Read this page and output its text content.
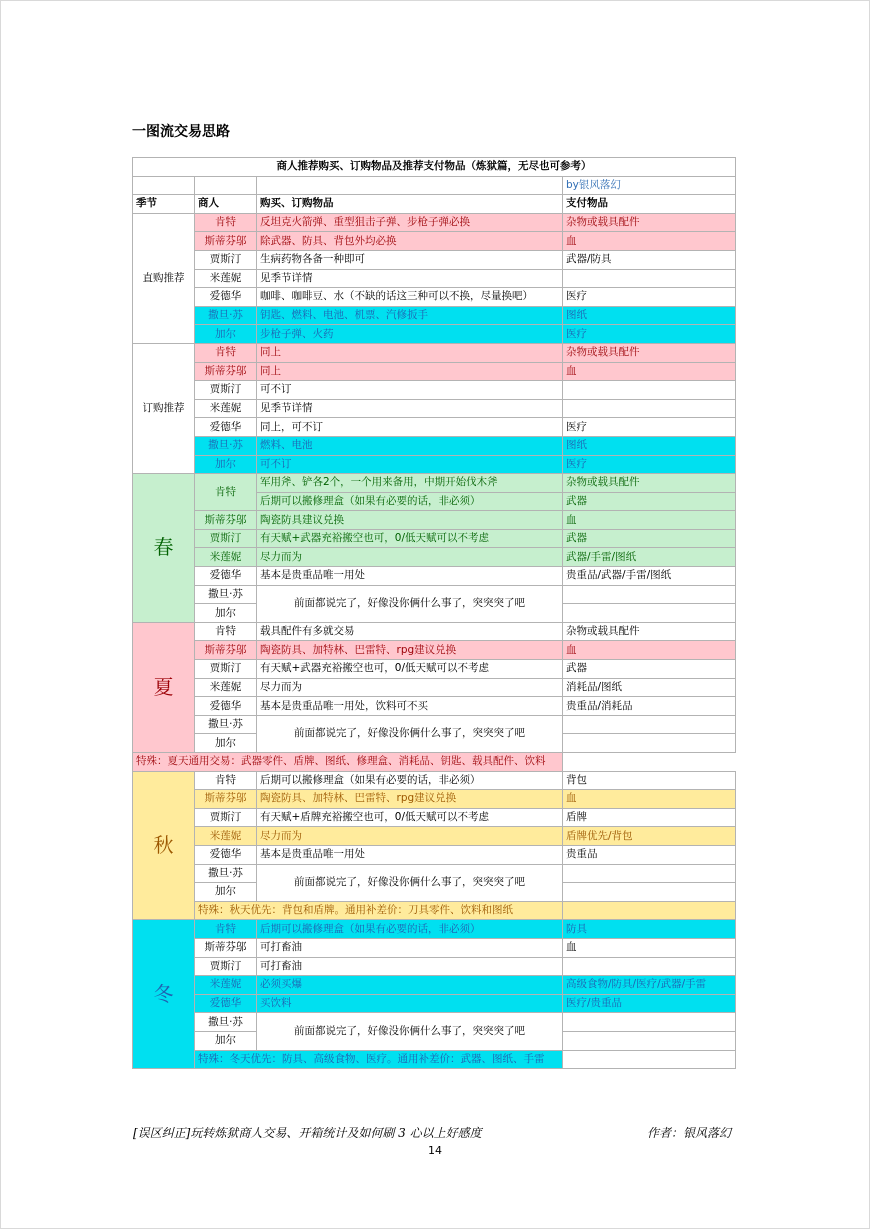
一图流交易思路
商人推荐购买、订购物品及推荐支付物品（炼狱篇，无尽也可参考）			
			by银风落幻
季节	商人	购买、订购物品	支付物品
直购推荐	肯特	反坦克火箭弹、重型狙击子弹、步枪子弹必换	杂物或载具配件
	斯蒂芬邬	除武器、防具、背包外均必换	血
	贾斯汀	生病药物各备一种即可	武器/防具
	米莲妮	见季节详情	
	爱德华	咖啡、咖啡豆、水（不缺的话这三种可以不换，尽量换吧）	医疗
	撒旦·苏	钥匙、燃料、电池、机票、汽修扳手	图纸
	加尔	步枪子弹、火药	医疗
订购推荐	肯特	同上	杂物或载具配件
	斯蒂芬邬	同上	血
	贾斯汀	可不订	
	米莲妮	见季节详情	
	爱德华	同上，可不订	医疗
	撒旦·苏	燃料、电池	图纸
	加尔	可不订	医疗
春	肯特	军用斧、铲各2个，一个用来备用，中期开始伐木斧	杂物或载具配件
		后期可以搬修理盒（如果有必要的话，非必须）	武器
	斯蒂芬邬	陶瓷防具建议兑换	血
	贾斯汀	有天赋+武器充裕搬空也可，0/低天赋可以不考虑	武器
	米莲妮	尽力而为	武器/手雷/图纸
	爱德华	基本是贵重品唯一用处	贵重品/武器/手雷/图纸
	撒旦·苏	前面都说完了，好像没你俩什么事了，突突突了吧	
	加尔		
夏	肯特	载具配件有多就交易	杂物或载具配件
	斯蒂芬邬	陶瓷防具、加特林、巴雷特、rpg建议兑换	血
	贾斯汀	有天赋+武器充裕搬空也可，0/低天赋可以不考虑	武器
	米莲妮	尽力而为	消耗品/图纸
	爱德华	基本是贵重品唯一用处，饮料可不买	贵重品/消耗品
	撒旦·苏	前面都说完了，好像没你俩什么事了，突突突了吧	
	加尔		
特殊：夏天通用交易：武器零件、盾牌、图纸、修理盒、消耗品、钥匙、载具配件、饮料			
秋	肯特	后期可以搬修理盒（如果有必要的话，非必须）	背包
	斯蒂芬邬	陶瓷防具、加特林、巴雷特、rpg建议兑换	血
	贾斯汀	有天赋+盾牌充裕搬空也可，0/低天赋可以不考虑	盾牌
	米莲妮	尽力而为	盾牌优先/背包
	爱德华	基本是贵重品唯一用处	贵重品
	撒旦·苏	前面都说完了，好像没你俩什么事了，突突突了吧	
	加尔		
	特殊：秋天优先：背包和盾牌。通用补差价：刀具零件、饮料和图纸		
冬	肯特	后期可以搬修理盒（如果有必要的话，非必须）	防具
	斯蒂芬邬	可打畜油	血
	贾斯汀	可打畜油	
	米莲妮	必须买爆	高级食物/防具/医疗/武器/手雷
	爱德华	买饮料	医疗/贵重品
	撒旦·苏	前面都说完了，好像没你俩什么事了，突突突了吧	
	加尔		
	特殊：冬天优先：防具、高级食物、医疗。通用补差价：武器、图纸、手雷		
[误区纠正]玩转炼狱商人交易、开箱统计及如何刷 3 心以上好感度	作者：银风落幻
14
